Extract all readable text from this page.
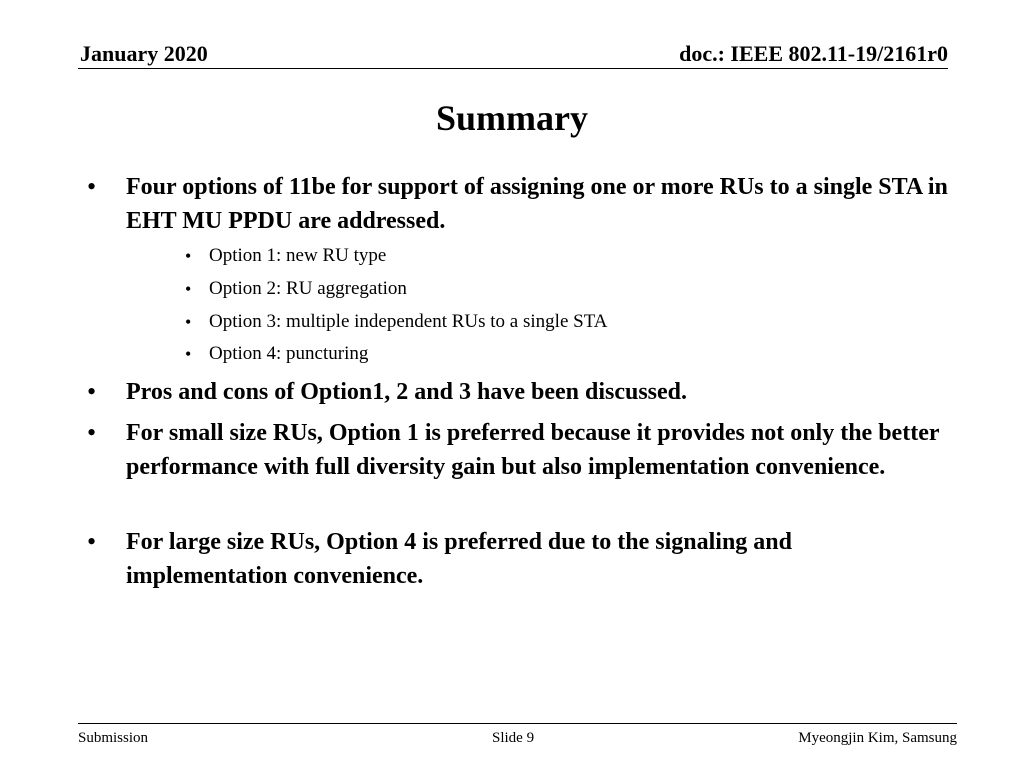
January 2020	doc.: IEEE 802.11-19/2161r0
Summary
• Four options of 11be for support of assigning one or more RUs to a single STA in EHT MU PPDU are addressed.
• Option 1: new RU type
• Option 2: RU aggregation
• Option 3: multiple independent RUs to a single STA
• Option 4: puncturing
• Pros and cons of Option1, 2 and 3 have been discussed.
• For small size RUs, Option 1 is preferred because it provides not only the better performance with full diversity gain but also implementation convenience.
• For large size RUs, Option 4 is preferred due to the signaling and implementation convenience.
Submission	Slide 9	Myeongjin Kim, Samsung
